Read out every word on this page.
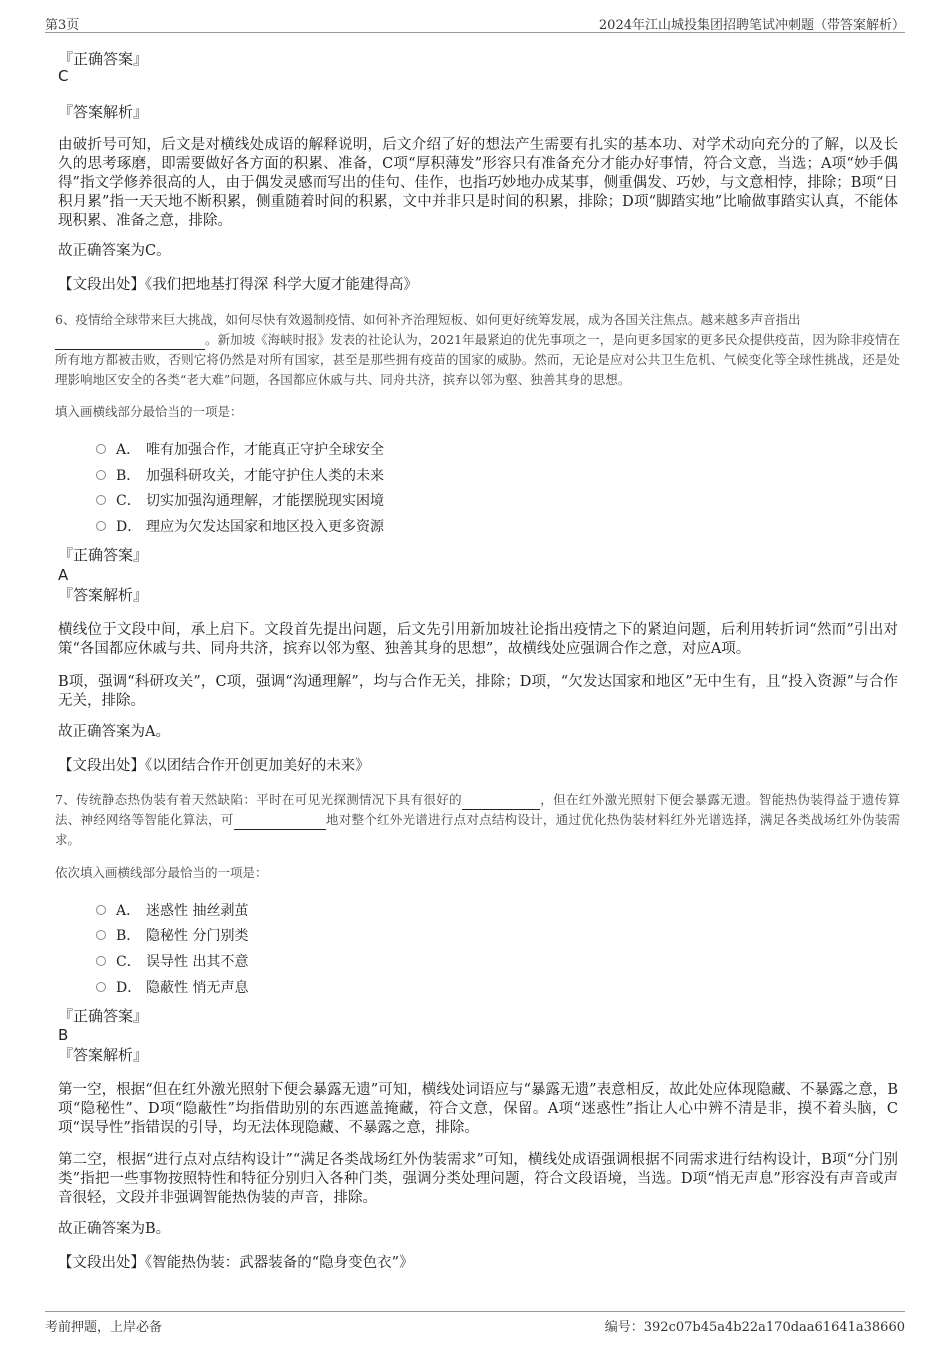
第3页	2024年江山城投集团招聘笔试冲刺题（带答案解析）
『正确答案』
C
『答案解析』
由破折号可知，后文是对横线处成语的解释说明，后文介绍了好的想法产生需要有扎实的基本功、对学术动向充分的了解，以及长久的思考琢磨，即需要做好各方面的积累、准备，C项“厚积薄发”形容只有准备充分才能办好事情，符合文意，当选；A项“妙手偶得”指文学修养很高的人，由于偶发灵感而写出的佳句、佳作，也指巧妙地办成某事，侧重偶发、巧妙，与文意相悖，排除；B项“日积月累”指一天天地不断积累，侧重随着时间的积累，文中并非只是时间的积累，排除；D项“脚踏实地”比喻做事踏实认真，不能体现积累、准备之意，排除。
故正确答案为C。
【文段出处】《我们把地基打得深 科学大厦才能建得高》
6、疫情给全球带来巨大挑战，如何尽快有效遏制疫情、如何补齐治理短板、如何更好统筹发展，成为各国关注焦点。越来越多声音指出
。新加坡《海峡时报》发表的社论认为，2021年最紧迫的优先事项之一，是向更多国家的更多民众提供疫苗，因为除非疫情在所有地方都被击败，否则它将仍然是对所有国家，甚至是那些拥有疫苗的国家的威胁。然而，无论是应对公共卫生危机、气候变化等全球性挑战，还是处理影响地区安全的各类“老大难”问题，各国都应休戚与共、同舟共济，摈弃以邻为壑、独善其身的思想。
填入画横线部分最恰当的一项是：
A． 唯有加强合作，才能真正守护全球安全
B． 加强科研攻关，才能守护住人类的未来
C． 切实加强沟通理解，才能摆脱现实困境
D． 理应为欠发达国家和地区投入更多资源
『正确答案』
A
『答案解析』
横线位于文段中间，承上启下。文段首先提出问题，后文先引用新加坡社论指出疫情之下的紧迫问题，后利用转折词“然而”引出对策“各国都应休戚与共、同舟共济，摈弃以邻为壑、独善其身的思想”，故横线处应强调合作之意，对应A项。
B项，强调“科研攻关”，C项，强调“沟通理解”，均与合作无关，排除；D项，“欠发达国家和地区”无中生有，且“投入资源”与合作无关，排除。
故正确答案为A。
【文段出处】《以团结合作开创更加美好的未来》
7、传统静态热伪装有着天然缺陷：平时在可见光探测情况下具有很好的	，但在红外激光照射下便会暴露无遗。智能热伪装得益于遗传算法、神经网络等智能化算法，可	地对整个红外光谱进行点对点结构设计，通过优化热伪装材料红外光谱选择，满足各类战场红外伪装需求。
依次填入画横线部分最恰当的一项是：
A． 迷惑性 抽丝剥茧
B． 隐秘性 分门别类
C． 误导性 出其不意
D． 隐蔽性 悄无声息
『正确答案』
B
『答案解析』
第一空，根据“但在红外激光照射下便会暴露无遗”可知，横线处词语应与“暴露无遗”表意相反，故此处应体现隐藏、不暴露之意，B项“隐秘性”、D项“隐蔽性”均指借助别的东西遮盖掩藏，符合文意，保留。A项“迷惑性”指让人心中辨不清是非，摸不着头脑，C项“误导性”指错误的引导，均无法体现隐藏、不暴露之意，排除。
第二空，根据“进行点对点结构设计”“满足各类战场红外伪装需求”可知，横线处成语强调根据不同需求进行结构设计，B项“分门别类”指把一些事物按照特性和特征分别归入各种门类，强调分类处理问题，符合文段语境，当选。D项“悄无声息”形容没有声音或声音很轻，文段并非强调智能热伪装的声音，排除。
故正确答案为B。
【文段出处】《智能热伪装：武器装备的“隐身变色衣”》
考前押题，上岸必备	编号：392c07b45a4b22a170daa61641a38660
